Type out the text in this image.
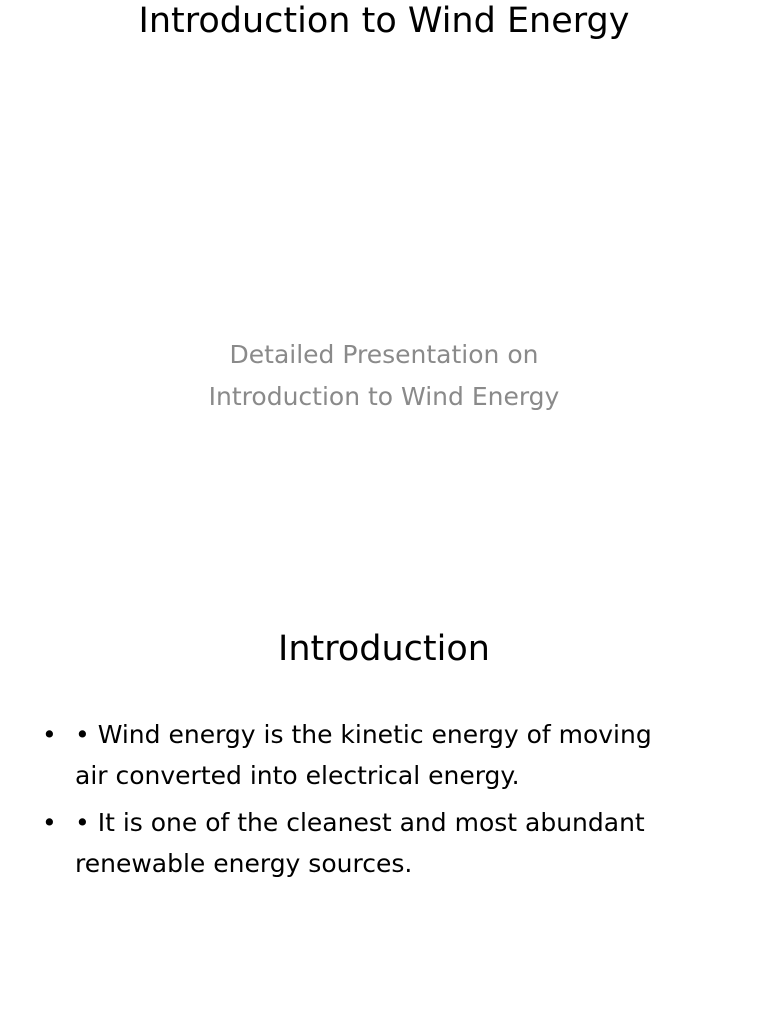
Introduction to Wind Energy
Detailed Presentation on
Introduction to Wind Energy
Introduction
• • Wind energy is the kinetic energy of moving
air converted into electrical energy.
• • It is one of the cleanest and most abundant
renewable energy sources.
